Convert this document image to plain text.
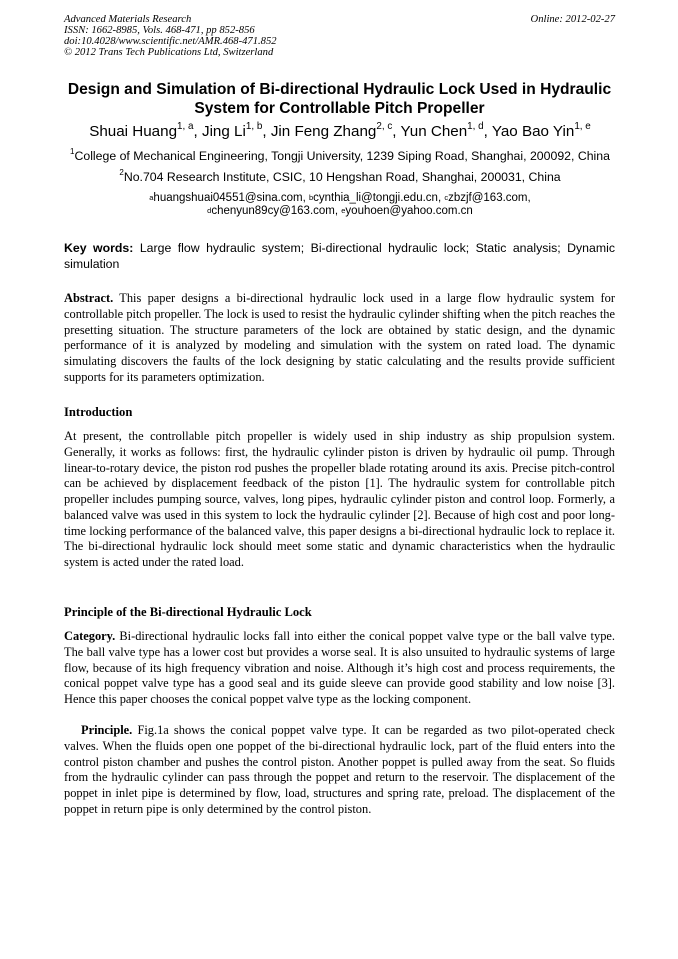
Advanced Materials Research
ISSN: 1662-8985, Vols. 468-471, pp 852-856
doi:10.4028/www.scientific.net/AMR.468-471.852
© 2012 Trans Tech Publications Ltd, Switzerland
Online: 2012-02-27
Design and Simulation of Bi-directional Hydraulic Lock Used in Hydraulic System for Controllable Pitch Propeller
Shuai Huang$^{1, a}$, Jing Li$^{1, b}$, Jin Feng Zhang$^{2, c}$, Yun Chen$^{1, d}$, Yao Bao Yin$^{1, e}$
$^1$College of Mechanical Engineering, Tongji University, 1239 Siping Road, Shanghai, 200092, China
$^2$No.704 Research Institute, CSIC, 10 Hengshan Road, Shanghai, 200031, China
$^a$huangshuai04551@sina.com, $^b$cynthia_li@tongji.edu.cn, $^c$zbzjf@163.com,
$^d$chenyun89cy@163.com, $^e$youhoen@yahoo.com.cn
Key words: Large flow hydraulic system; Bi-directional hydraulic lock; Static analysis; Dynamic simulation
Abstract. This paper designs a bi-directional hydraulic lock used in a large flow hydraulic system for controllable pitch propeller. The lock is used to resist the hydraulic cylinder shifting when the pitch reaches the presetting situation. The structure parameters of the lock are obtained by static design, and the dynamic performance of it is analyzed by modeling and simulation with the system on rated load. The dynamic simulating discovers the faults of the lock designing by static calculating and the results provide sufficient supports for its parameters optimization.
Introduction
At present, the controllable pitch propeller is widely used in ship industry as ship propulsion system. Generally, it works as follows: first, the hydraulic cylinder piston is driven by hydraulic oil pump. Through linear-to-rotary device, the piston rod pushes the propeller blade rotating around its axis. Precise pitch-control can be achieved by displacement feedback of the piston [1]. The hydraulic system for controllable pitch propeller includes pumping source, valves, long pipes, hydraulic cylinder piston and control loop. Formerly, a balanced valve was used in this system to lock the hydraulic cylinder [2]. Because of high cost and poor long-time locking performance of the balanced valve, this paper designs a bi-directional hydraulic lock to replace it. The bi-directional hydraulic lock should meet some static and dynamic characteristics when the hydraulic system is acted under the rated load.
Principle of the Bi-directional Hydraulic Lock
Category. Bi-directional hydraulic locks fall into either the conical poppet valve type or the ball valve type. The ball valve type has a lower cost but provides a worse seal. It is also unsuited to hydraulic systems of large flow, because of its high frequency vibration and noise. Although it’s high cost and process requirements, the conical poppet valve type has a good seal and its guide sleeve can provide good stability and low noise [3]. Hence this paper chooses the conical poppet valve type as the locking component.
Principle. Fig.1a shows the conical poppet valve type. It can be regarded as two pilot-operated check valves. When the fluids open one poppet of the bi-directional hydraulic lock, part of the fluid enters into the control piston chamber and pushes the control piston. Another poppet is pulled away from the seat. So fluids from the hydraulic cylinder can pass through the poppet and return to the reservoir. The displacement of the poppet in inlet pipe is determined by flow, load, structures and spring rate, preload. The displacement of the poppet in return pipe is only determined by the control piston.
